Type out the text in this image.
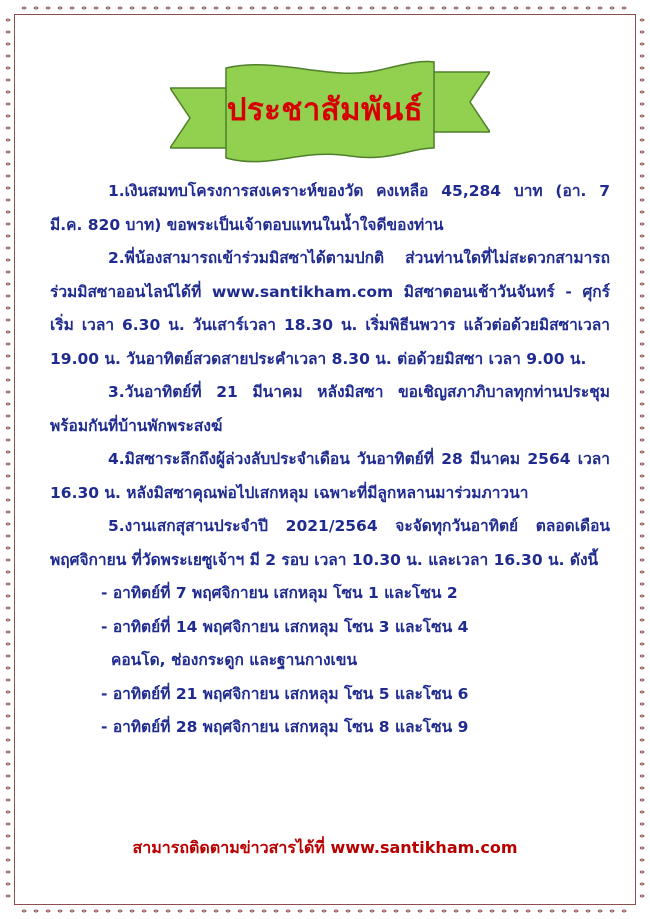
ประชาสัมพันธ์

1.เงินสมทบโครงการสงเคราะห์ของวัด คงเหลือ 45,284 บาท (อา. 7 มี.ค. 820 บาท) ขอพระเป็นเจ้าตอบแทนในน้ำใจดีของท่าน

2.พี่น้องสามารถเข้าร่วมมิสซาได้ตามปกติ ส่วนท่านใดที่ไม่สะดวกสามารถร่วมมิสซาออนไลน์ได้ที่ www.santikham.com มิสซาตอนเช้าวันจันทร์ - ศุกร์ เริ่ม เวลา 6.30 น. วันเสาร์เวลา 18.30 น. เริ่มพิธีนพวาร แล้วต่อด้วยมิสซาเวลา 19.00 น. วันอาทิตย์สวดสายประคำเวลา 8.30 น. ต่อด้วยมิสซา เวลา 9.00 น.

3.วันอาทิตย์ที่ 21 มีนาคม หลังมิสซา ขอเชิญสภาภิบาลทุกท่านประชุมพร้อมกันที่บ้านพักพระสงฆ์

4.มิสซาระลึกถึงผู้ล่วงลับประจำเดือน วันอาทิตย์ที่ 28 มีนาคม 2564 เวลา 16.30 น. หลังมิสซาคุณพ่อไปเสกหลุม เฉพาะที่มีลูกหลานมาร่วมภาวนา

5.งานเสกสุสานประจำปี 2021/2564 จะจัดทุกวันอาทิตย์ ตลอดเดือน พฤศจิกายน ที่วัดพระเยซูเจ้าฯ มี 2 รอบ เวลา 10.30 น. และเวลา 16.30 น. ดังนี้

- อาทิตย์ที่ 7 พฤศจิกายน เสกหลุม โซน 1 และโซน 2

- อาทิตย์ที่ 14 พฤศจิกายน เสกหลุม โซน 3 และโซน 4

คอนโด, ช่องกระดูก และฐานกางเขน

- อาทิตย์ที่ 21 พฤศจิกายน เสกหลุม โซน 5 และโซน 6

- อาทิตย์ที่ 28 พฤศจิกายน เสกหลุม โซน 8 และโซน 9

สามารถติดตามข่าวสารได้ที่ www.santikham.com
